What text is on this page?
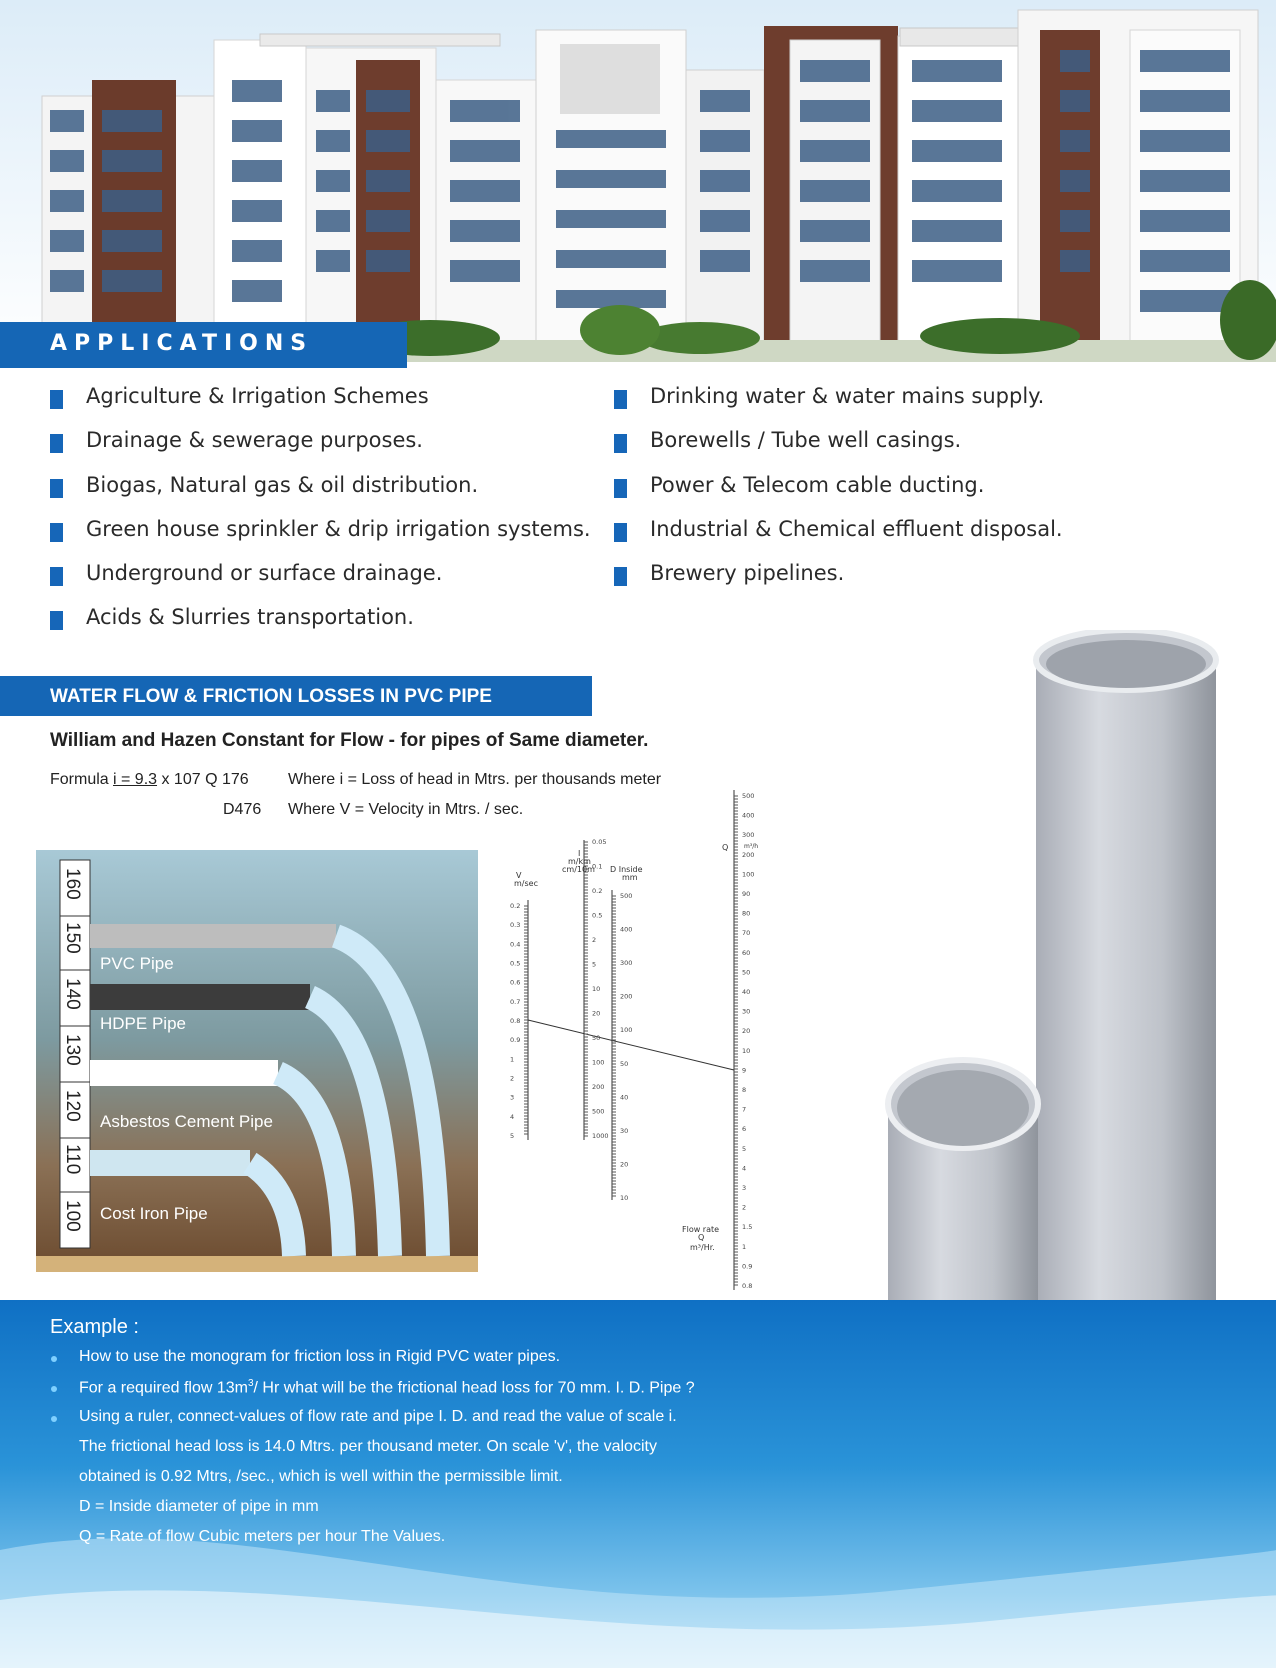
APPLICATIONS
Agriculture & Irrigation Schemes
Drainage & sewerage purposes.
Biogas, Natural gas & oil distribution.
Green house sprinkler & drip irrigation systems.
Underground or surface drainage.
Acids & Slurries transportation.
Drinking water & water mains supply.
Borewells / Tube well casings.
Power & Telecom cable ducting.
Industrial & Chemical effluent disposal.
Brewery pipelines.
WATER FLOW & FRICTION LOSSES IN PVC PIPE
William and Hazen Constant for Flow - for pipes of Same diameter.
Formula i = 9.3 x 107 Q 176
D476
Where i = Loss of head in Mtrs. per thousands meter
Where V = Velocity in Mtrs. / sec.
160
150
140
130
120
110
100
PVC Pipe
HDPE Pipe
Asbestos Cement Pipe
Cost Iron Pipe
V
m/sec
I
m/km
cm/10m D Inside
mm
Q	m³/h
Flow rate
Q
m³/Hr.
0.2
0.3
0.4
0.5
0.6
0.7
0.8
0.9
1
2
3
4
5
0.05
0.1
0.2
0.5
2
5
10
20
50
100
200
500
1000
500
400
300
200
100
50
40
30
20
10
500
400
300
200
100
90
80
70
60
50
40
30
20
10
9
8
7
6
5
4
3
2
1.5
1
0.9
0.8
Example :
How to use the monogram for friction loss in Rigid PVC water pipes.
For a required flow $13m^3/$ Hr what will be the frictional head loss for 70 mm. I. D. Pipe ?
Using a ruler, connect-values of flow rate and pipe I. D. and read the value of scale i.
The frictional head loss is 14.0 Mtrs. per thousand meter. On scale 'v', the valocity
obtained is 0.92 Mtrs, /sec., which is well within the permissible limit.
D = Inside diameter of pipe in mm
Q = Rate of flow Cubic meters per hour The Values.
